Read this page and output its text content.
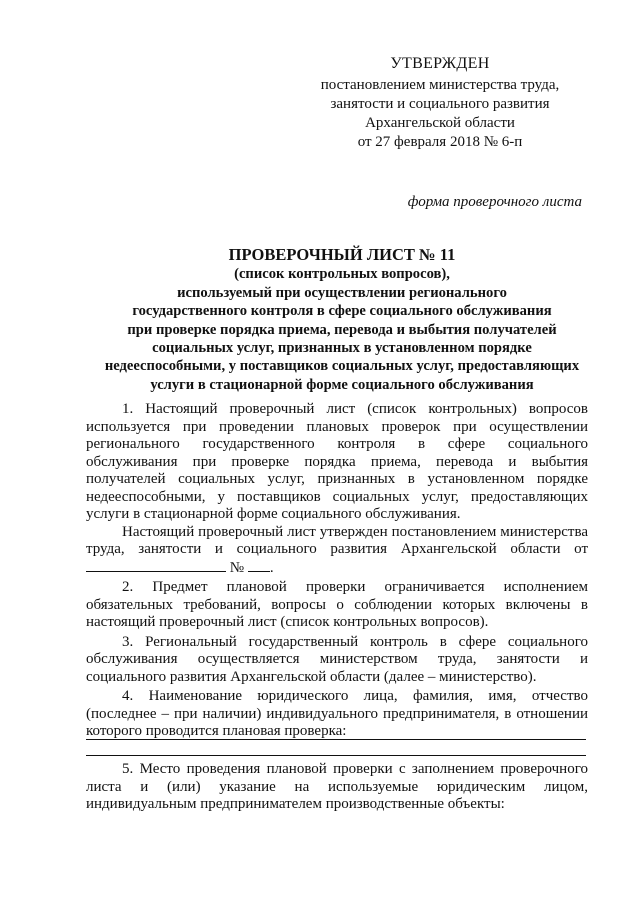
УТВЕРЖДЕН
постановлением министерства труда,
занятости и социального развития
Архангельской области
от 27 февраля 2018 № 6-п
форма проверочного листа
ПРОВЕРОЧНЫЙ ЛИСТ № 11
(список контрольных вопросов),
используемый при осуществлении регионального
государственного контроля в сфере социального обслуживания
при проверке порядка приема, перевода и выбытия получателей
социальных услуг, признанных в установленном порядке
недееспособными, у поставщиков социальных услуг, предоставляющих
услуги в стационарной форме социального обслуживания

1. Настоящий проверочный лист (список контрольных) вопросов используется при проведении плановых проверок при осуществлении регионального государственного контроля в сфере социального обслуживания при проверке порядка приема, перевода и выбытия получателей социальных услуг, признанных в установленном порядке недееспособными, у поставщиков социальных услуг, предоставляющих услуги в стационарной форме социального обслуживания.

Настоящий проверочный лист утвержден постановлением министерства труда, занятости и социального развития Архангельской области от  № .

2. Предмет плановой проверки ограничивается исполнением обязательных требований, вопросы о соблюдении которых включены в настоящий проверочный лист (список контрольных вопросов).

3. Региональный государственный контроль в сфере социального обслуживания осуществляется министерством труда, занятости и социального развития Архангельской области (далее – министерство).

4. Наименование юридического лица, фамилия, имя, отчество (последнее – при наличии) индивидуального предпринимателя, в отношении которого проводится плановая проверка:

5. Место проведения плановой проверки с заполнением проверочного листа и (или) указание на используемые юридическим лицом, индивидуальным предпринимателем производственные объекты:
